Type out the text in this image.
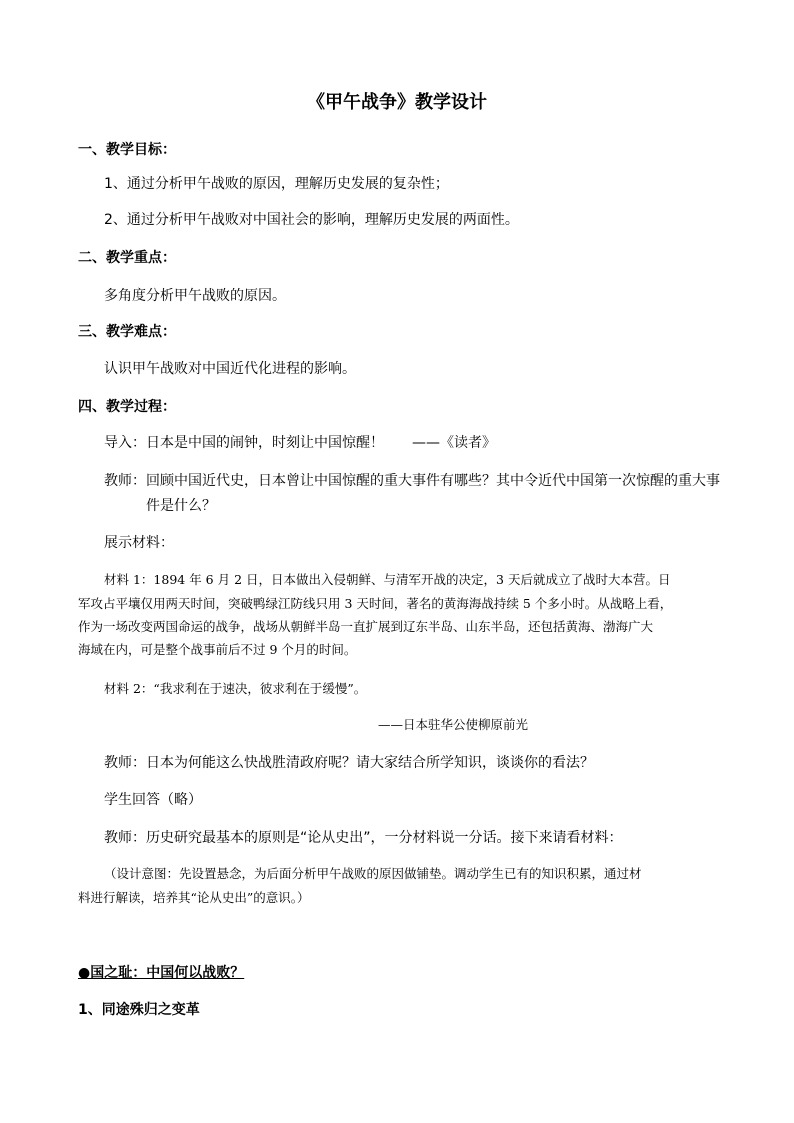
《甲午战争》教学设计
一、教学目标：
1、通过分析甲午战败的原因，理解历史发展的复杂性；
2、通过分析甲午战败对中国社会的影响，理解历史发展的两面性。
二、教学重点：
多角度分析甲午战败的原因。
三、教学难点：
认识甲午战败对中国近代化进程的影响。
四、教学过程：
导入：日本是中国的闹钟，时刻让中国惊醒！ ——《读者》
教师：回顾中国近代史，日本曾让中国惊醒的重大事件有哪些？其中令近代中国第一次惊醒的重大事
件是什么？
展示材料：
材料 1：1894 年 6 月 2 日，日本做出入侵朝鲜、与清军开战的决定，3 天后就成立了战时大本营。日
军攻占平壤仅用两天时间，突破鸭绿江防线只用 3 天时间，著名的黄海海战持续 5 个多小时。从战略上看，
作为一场改变两国命运的战争，战场从朝鲜半岛一直扩展到辽东半岛、山东半岛，还包括黄海、渤海广大
海域在内，可是整个战事前后不过 9 个月的时间。
材料 2：“我求利在于速决，彼求利在于缓慢”。
——日本驻华公使柳原前光
教师：日本为何能这么快战胜清政府呢？请大家结合所学知识，谈谈你的看法？
学生回答（略）
教师：历史研究最基本的原则是“论从史出”，一分材料说一分话。接下来请看材料：
（设计意图：先设置悬念，为后面分析甲午战败的原因做铺垫。调动学生已有的知识积累，通过材
料进行解读，培养其“论从史出”的意识。）
●国之耻：中国何以战败？
1、同途殊归之变革
